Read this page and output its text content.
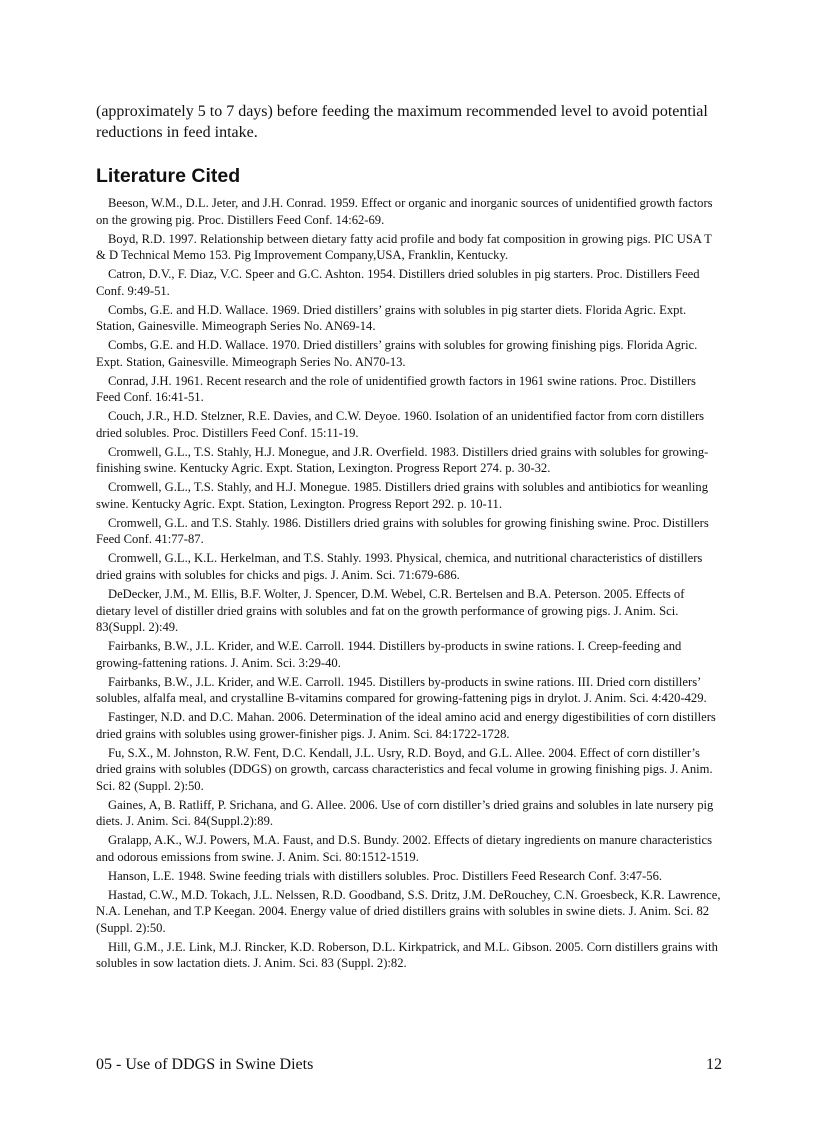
(approximately 5 to 7 days) before feeding the maximum recommended level to avoid potential reductions in feed intake.

Literature Cited
Beeson, W.M., D.L. Jeter, and J.H. Conrad. 1959. Effect or organic and inorganic sources of unidentified growth factors on the growing pig. Proc. Distillers Feed Conf. 14:62-69.
Boyd, R.D. 1997. Relationship between dietary fatty acid profile and body fat composition in growing pigs. PIC USA T & D Technical Memo 153. Pig Improvement Company,USA, Franklin, Kentucky.
Catron, D.V., F. Diaz, V.C. Speer and G.C. Ashton. 1954. Distillers dried solubles in pig starters. Proc. Distillers Feed Conf. 9:49-51.
Combs, G.E. and H.D. Wallace. 1969. Dried distillers’ grains with solubles in pig starter diets. Florida Agric. Expt. Station, Gainesville. Mimeograph Series No. AN69-14.
Combs, G.E. and H.D. Wallace. 1970. Dried distillers’ grains with solubles for growing finishing pigs. Florida Agric. Expt. Station, Gainesville. Mimeograph Series No. AN70-13.
Conrad, J.H. 1961. Recent research and the role of unidentified growth factors in 1961 swine rations. Proc. Distillers Feed Conf. 16:41-51.
Couch, J.R., H.D. Stelzner, R.E. Davies, and C.W. Deyoe. 1960. Isolation of an unidentified factor from corn distillers dried solubles. Proc. Distillers Feed Conf. 15:11-19.
Cromwell, G.L., T.S. Stahly, H.J. Monegue, and J.R. Overfield. 1983. Distillers dried grains with solubles for growing-finishing swine. Kentucky Agric. Expt. Station, Lexington. Progress Report 274. p. 30-32.
Cromwell, G.L., T.S. Stahly, and H.J. Monegue. 1985. Distillers dried grains with solubles and antibiotics for weanling swine. Kentucky Agric. Expt. Station, Lexington. Progress Report 292. p. 10-11.
Cromwell, G.L. and T.S. Stahly. 1986. Distillers dried grains with solubles for growing finishing swine. Proc. Distillers Feed Conf. 41:77-87.
Cromwell, G.L., K.L. Herkelman, and T.S. Stahly. 1993. Physical, chemica, and nutritional characteristics of distillers dried grains with solubles for chicks and pigs. J. Anim. Sci. 71:679-686.
DeDecker, J.M., M. Ellis, B.F. Wolter, J. Spencer, D.M. Webel, C.R. Bertelsen and B.A. Peterson. 2005. Effects of dietary level of distiller dried grains with solubles and fat on the growth performance of growing pigs. J. Anim. Sci. 83(Suppl. 2):49.
Fairbanks, B.W., J.L. Krider, and W.E. Carroll. 1944. Distillers by-products in swine rations. I. Creep-feeding and growing-fattening rations. J. Anim. Sci. 3:29-40.
Fairbanks, B.W., J.L. Krider, and W.E. Carroll. 1945. Distillers by-products in swine rations. III. Dried corn distillers’ solubles, alfalfa meal, and crystalline B-vitamins compared for growing-fattening pigs in drylot. J. Anim. Sci. 4:420-429.
Fastinger, N.D. and D.C. Mahan. 2006. Determination of the ideal amino acid and energy digestibilities of corn distillers dried grains with solubles using grower-finisher pigs. J. Anim. Sci. 84:1722-1728.
Fu, S.X., M. Johnston, R.W. Fent, D.C. Kendall, J.L. Usry, R.D. Boyd, and G.L. Allee. 2004. Effect of corn distiller’s dried grains with solubles (DDGS) on growth, carcass characteristics and fecal volume in growing finishing pigs. J. Anim. Sci. 82 (Suppl. 2):50.
Gaines, A, B. Ratliff, P. Srichana, and G. Allee. 2006. Use of corn distiller’s dried grains and solubles in late nursery pig diets. J. Anim. Sci. 84(Suppl.2):89.
Gralapp, A.K., W.J. Powers, M.A. Faust, and D.S. Bundy. 2002. Effects of dietary ingredients on manure characteristics and odorous emissions from swine. J. Anim. Sci. 80:1512-1519.
Hanson, L.E. 1948. Swine feeding trials with distillers solubles. Proc. Distillers Feed Research Conf. 3:47-56.
Hastad, C.W., M.D. Tokach, J.L. Nelssen, R.D. Goodband, S.S. Dritz, J.M. DeRouchey, C.N. Groesbeck, K.R. Lawrence, N.A. Lenehan, and T.P Keegan. 2004. Energy value of dried distillers grains with solubles in swine diets. J. Anim. Sci. 82 (Suppl. 2):50.
Hill, G.M., J.E. Link, M.J. Rincker, K.D. Roberson, D.L. Kirkpatrick, and M.L. Gibson. 2005. Corn distillers grains with solubles in sow lactation diets. J. Anim. Sci. 83 (Suppl. 2):82.
05 - Use of DDGS in Swine Diets	12
